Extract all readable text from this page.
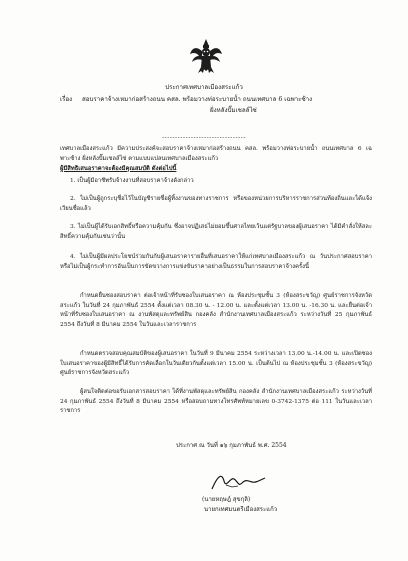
ประกาศเทศบาลเมืองสระแก้ว
เรื่อง สอบราคาจ้างเหมาก่อสร้างถนน คสล. พร้อมวางท่อระบายน้ำ ถนนเทศบาล 6 เฉพาะซ้าง
ฝั่งหลังปั๊มเชลล์ไซ่
--------------------------------
เทศบาลเมืองสระแก้ว มีความประสงค์จะสอบราคาจ้างเหมาก่อสร้างถนน คสล. พร้อมวางท่อระบายน้ำ ถนนเทศบาล 6 เฉพาะซ้าง ฝั่งหลังปั๊มเชลล์ไซ่ ตามแบบแปลนเทศบาลเมืองสระแก้ว
ผู้มีสิทธิเสนอราคาจะต้องมีคุณสมบัติ ดังต่อไปนี้
1. เป็นผู้มีอาชีพรับจ้างงานที่สอบราคาจ้างดังกล่าว
2. ไม่เป็นผู้ถูกระบุชื่อไว้ในบัญชีรายชื่อผู้ทิ้งงานของทางราชการ หรือของหน่วยการบริหารราชการส่วนท้องถิ่นและได้แจ้งเวียนชื่อแล้ว
3. ไม่เป็นผู้ได้รับเอกสิทธิ์หรือความคุ้มกัน ซึ่งอาจปฏิเสธไม่ยอมขึ้นศาลไทยเว้นแต่รัฐบาลของผู้เสนอราคา ได้มีคำสั่งให้สละสิทธิ์ความคุ้มกันเช่นว่านั้น
4. ไม่เป็นผู้มีผลประโยชน์ร่วมกันกับผู้เสนอราคารายอื่นที่เสนอราคาให้แก่เทศบาลเมืองสระแก้ว ณ วันประกาศสอบราคาหรือไม่เป็นผู้กระทำการอันเป็นการขัดขวางการแข่งขันราคาอย่างเป็นธรรมในการสอบราคาจ้างครั้งนี้
กำหนดยื่นซองสอบราคา ต่อเจ้าหน้าที่รับซองใบเสนอราคา ณ ห้องประชุมชั้น 3 (ห้องสระขวัญ) ศูนย์ราชการจังหวัดสระแก้ว ในวันที่ 24 กุมภาพันธ์ 2554 ตั้งแต่เวลา 08.30 น. - 12.00 น. และตั้งแต่เวลา 13.00 น. -16.30 น. และยื่นต่อเจ้าหน้าที่รับซองใบเสนอราคา ณ งานพัสดุและทรัพย์สิน กองคลัง สำนักงานเทศบาลเมืองสระแก้ว ระหว่างวันที่ 25 กุมภาพันธ์ 2554 ถึงวันที่ 8 มีนาคม 2554 ในวันและเวลาราชการ
กำหนดตรวจสอบคุณสมบัติของผู้เสนอราคา ในวันที่ 9 มีนาคม 2554 ระหว่างเวลา 13.00 น.-14.00 น. และเปิดซองใบเสนอราคาของผู้มีสิทธิ์ได้รับการคัดเลือกในวันเดียวกันตั้งแต่เวลา 15.00 น. เป็นต้นไป ณ ห้องประชุมชั้น 3 (ห้องสระขวัญ) ศูนย์ราชการจังหวัดสระแก้ว
ผู้สนใจติดต่อขอรับเอกสารสอบราคา ได้ที่งานพัสดุและทรัพย์สิน กองคลัง สำนักงานเทศบาลเมืองสระแก้ว ระหว่างวันที่ 24 กุมภาพันธ์ 2554 ถึงวันที่ 8 มีนาคม 2554 หรือสอบถามทางโทรศัพท์หมายเลข 0-3742-1375 ต่อ 111 ในวันและเวลาราชการ
ประกาศ ณ วันที่ ๑๖ กุมภาพันธ์ พ.ศ. 2554
(นายหฤษฎ์ สุขกุลิ)
นายกเทศมนตรีเมืองสระแก้ว
